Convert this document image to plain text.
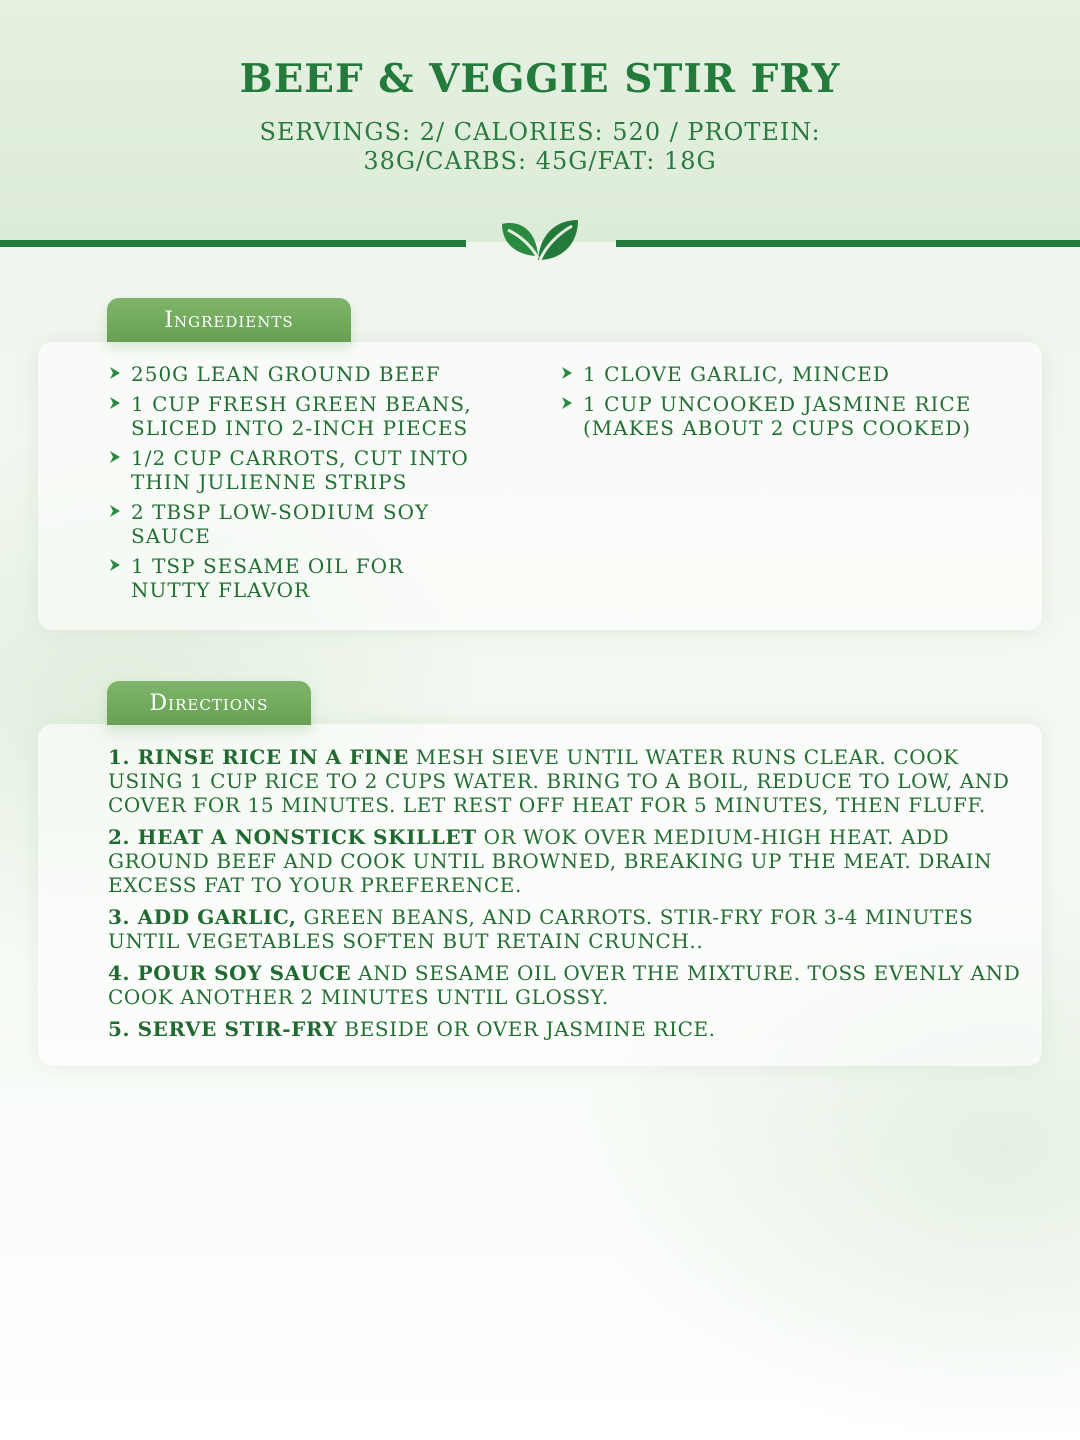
BEEF & VEGGIE STIR FRY
SERVINGS: 2/ CALORIES: 520 / PROTEIN: 38G/CARBS: 45G/FAT: 18G
Ingredients
250G LEAN GROUND BEEF
1 CUP FRESH GREEN BEANS, SLICED INTO 2-INCH PIECES
1/2 CUP CARROTS, CUT INTO THIN JULIENNE STRIPS
2 TBSP LOW-SODIUM SOY SAUCE
1 TSP SESAME OIL FOR NUTTY FLAVOR
1 CLOVE GARLIC, MINCED
1 CUP UNCOOKED JASMINE RICE (MAKES ABOUT 2 CUPS COOKED)
Directions
1. RINSE RICE IN A FINE MESH SIEVE UNTIL WATER RUNS CLEAR. COOK USING 1 CUP RICE TO 2 CUPS WATER. BRING TO A BOIL, REDUCE TO LOW, AND COVER FOR 15 MINUTES. LET REST OFF HEAT FOR 5 MINUTES, THEN FLUFF.
2. HEAT A NONSTICK SKILLET OR WOK OVER MEDIUM-HIGH HEAT. ADD GROUND BEEF AND COOK UNTIL BROWNED, BREAKING UP THE MEAT. DRAIN EXCESS FAT TO YOUR PREFERENCE.
3. ADD GARLIC, GREEN BEANS, AND CARROTS. STIR-FRY FOR 3-4 MINUTES UNTIL VEGETABLES SOFTEN BUT RETAIN CRUNCH..
4. POUR SOY SAUCE AND SESAME OIL OVER THE MIXTURE. TOSS EVENLY AND COOK ANOTHER 2 MINUTES UNTIL GLOSSY.
5. SERVE STIR-FRY BESIDE OR OVER JASMINE RICE.
